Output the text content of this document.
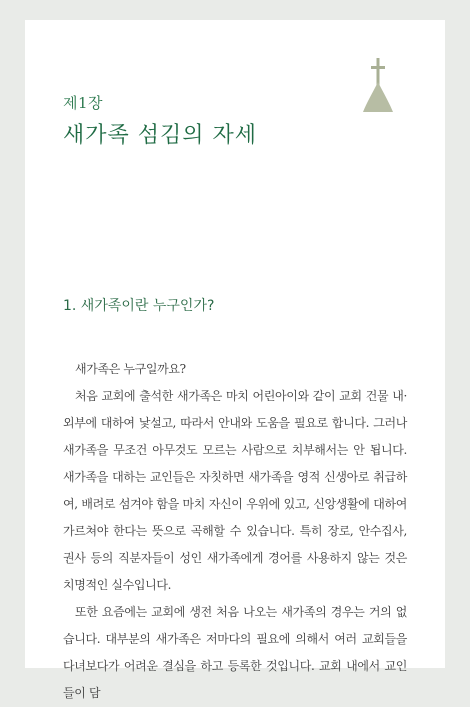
제1장
새가족 섬김의 자세
1. 새가족이란 누구인가?

새가족은 누구일까요?

처음 교회에 출석한 새가족은 마치 어린아이와 같이 교회 건물 내·외부에 대하여 낯설고, 따라서 안내와 도움을 필요로 합니다. 그러나 새가족을 무조건 아무것도 모르는 사람으로 치부해서는 안 됩니다. 새가족을 대하는 교인들은 자칫하면 새가족을 영적 신생아로 취급하여, 배려로 섬겨야 함을 마치 자신이 우위에 있고, 신앙생활에 대하여 가르쳐야 한다는 뜻으로 곡해할 수 있습니다. 특히 장로, 안수집사, 권사 등의 직분자들이 성인 새가족에게 경어를 사용하지 않는 것은 치명적인 실수입니다.

또한 요즘에는 교회에 생전 처음 나오는 새가족의 경우는 거의 없습니다. 대부분의 새가족은 저마다의 필요에 의해서 여러 교회들을 다녀보다가 어려운 결심을 하고 등록한 것입니다. 교회 내에서 교인들이 담
